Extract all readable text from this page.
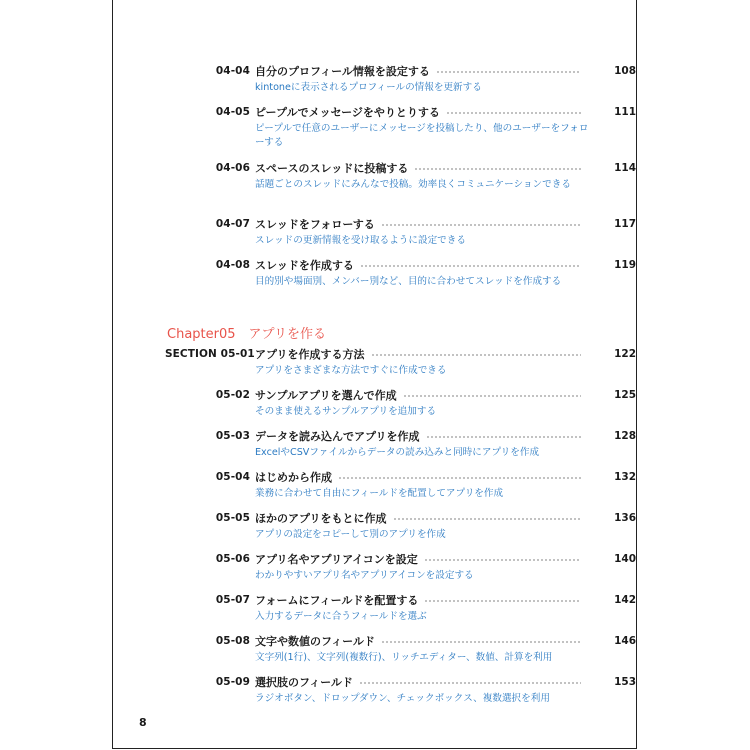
04-04 自分のプロフィール情報を設定する	108
kintoneに表示されるプロフィールの情報を更新する
04-05 ピープルでメッセージをやりとりする	111
ピープルで任意のユーザーにメッセージを投稿したり、他のユーザーをフォローする
04-06 スペースのスレッドに投稿する	114
話題ごとのスレッドにみんなで投稿。効率良くコミュニケーションできる
04-07 スレッドをフォローする	117
スレッドの更新情報を受け取るように設定できる
04-08 スレッドを作成する	119
目的別や場面別、メンバー別など、目的に合わせてスレッドを作成する
Chapter05　アプリを作る
SECTION 05-01 アプリを作成する方法	122
アプリをさまざまな方法ですぐに作成できる
05-02 サンプルアプリを選んで作成	125
そのまま使えるサンプルアプリを追加する
05-03 データを読み込んでアプリを作成	128
ExcelやCSVファイルからデータの読み込みと同時にアプリを作成
05-04 はじめから作成	132
業務に合わせて自由にフィールドを配置してアプリを作成
05-05 ほかのアプリをもとに作成	136
アプリの設定をコピーして別のアプリを作成
05-06 アプリ名やアプリアイコンを設定	140
わかりやすいアプリ名やアプリアイコンを設定する
05-07 フォームにフィールドを配置する	142
入力するデータに合うフィールドを選ぶ
05-08 文字や数値のフィールド	146
文字列(1行)、文字列(複数行)、リッチエディター、数値、計算を利用
05-09 選択肢のフィールド	153
ラジオボタン、ドロップダウン、チェックボックス、複数選択を利用
8
